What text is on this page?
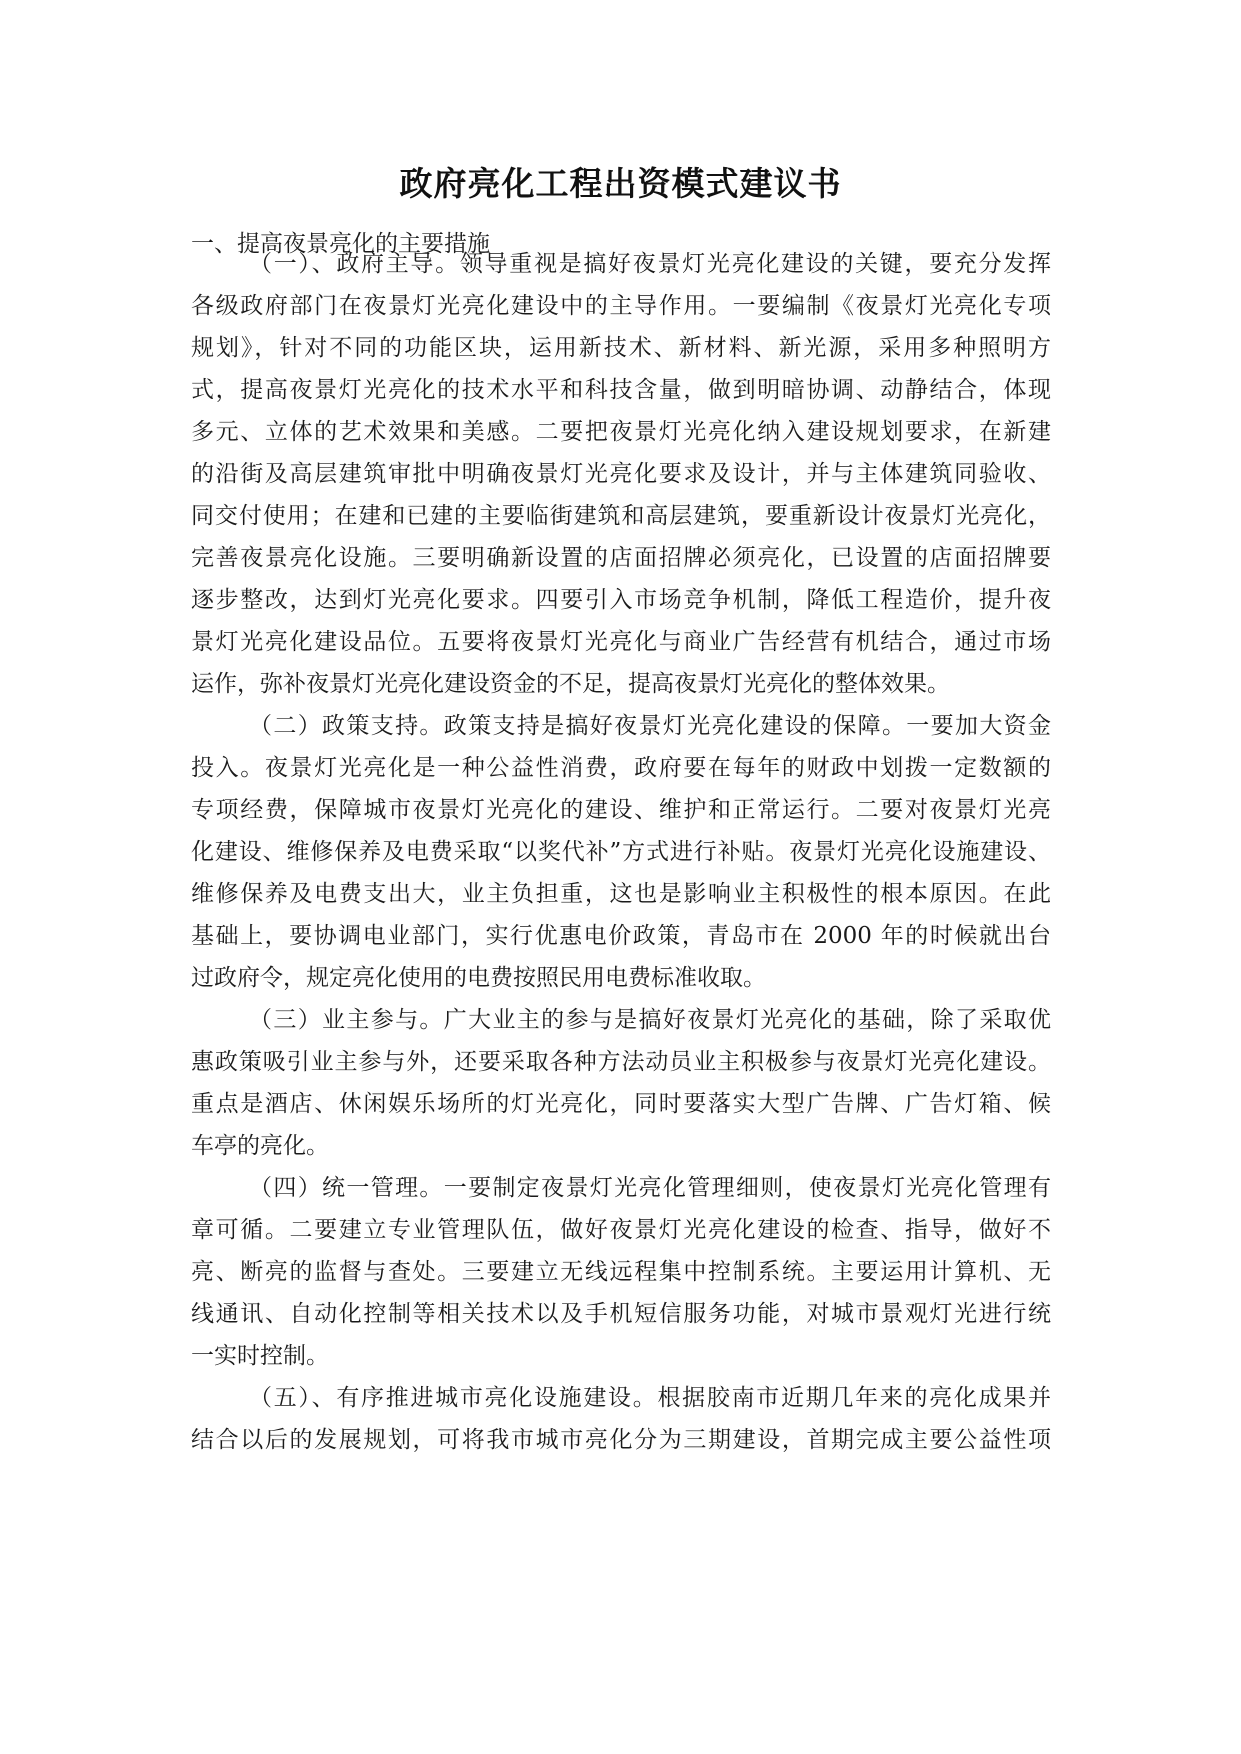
政府亮化工程出资模式建议书
一、提高夜景亮化的主要措施
（一）、政府主导。领导重视是搞好夜景灯光亮化建设的关键，要充分发挥
各级政府部门在夜景灯光亮化建设中的主导作用。一要编制《夜景灯光亮化专项
规划》，针对不同的功能区块，运用新技术、新材料、新光源，采用多种照明方
式，提高夜景灯光亮化的技术水平和科技含量，做到明暗协调、动静结合，体现
多元、立体的艺术效果和美感。二要把夜景灯光亮化纳入建设规划要求，在新建
的沿街及高层建筑审批中明确夜景灯光亮化要求及设计，并与主体建筑同验收、
同交付使用；在建和已建的主要临街建筑和高层建筑，要重新设计夜景灯光亮化，
完善夜景亮化设施。三要明确新设置的店面招牌必须亮化，已设置的店面招牌要
逐步整改，达到灯光亮化要求。四要引入市场竞争机制，降低工程造价，提升夜
景灯光亮化建设品位。五要将夜景灯光亮化与商业广告经营有机结合，通过市场
运作，弥补夜景灯光亮化建设资金的不足，提高夜景灯光亮化的整体效果。
（二）政策支持。政策支持是搞好夜景灯光亮化建设的保障。一要加大资金
投入。夜景灯光亮化是一种公益性消费，政府要在每年的财政中划拨一定数额的
专项经费，保障城市夜景灯光亮化的建设、维护和正常运行。二要对夜景灯光亮
化建设、维修保养及电费采取“以奖代补”方式进行补贴。夜景灯光亮化设施建设、
维修保养及电费支出大，业主负担重，这也是影响业主积极性的根本原因。在此
基础上，要协调电业部门，实行优惠电价政策，青岛市在 2000 年的时候就出台
过政府令，规定亮化使用的电费按照民用电费标准收取。
（三）业主参与。广大业主的参与是搞好夜景灯光亮化的基础，除了采取优
惠政策吸引业主参与外，还要采取各种方法动员业主积极参与夜景灯光亮化建设。
重点是酒店、休闲娱乐场所的灯光亮化，同时要落实大型广告牌、广告灯箱、候
车亭的亮化。
（四）统一管理。一要制定夜景灯光亮化管理细则，使夜景灯光亮化管理有
章可循。二要建立专业管理队伍，做好夜景灯光亮化建设的检查、指导，做好不
亮、断亮的监督与查处。三要建立无线远程集中控制系统。主要运用计算机、无
线通讯、自动化控制等相关技术以及手机短信服务功能，对城市景观灯光进行统
一实时控制。
（五）、有序推进城市亮化设施建设。根据胶南市近期几年来的亮化成果并
结合以后的发展规划，可将我市城市亮化分为三期建设，首期完成主要公益性项
